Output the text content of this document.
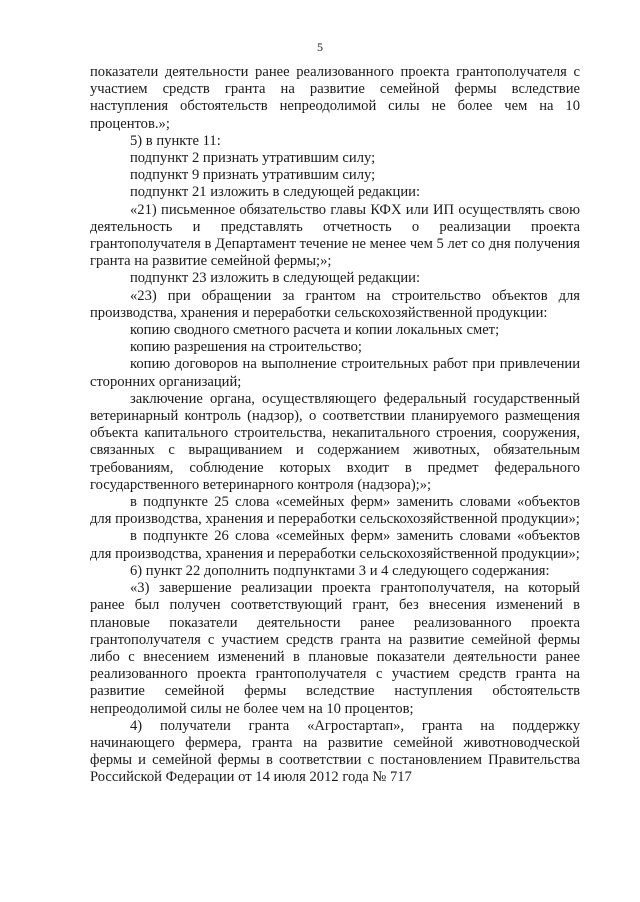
5

показатели деятельности ранее реализованного проекта грантополучателя с участием средств гранта на развитие семейной фермы вследствие наступления обстоятельств непреодолимой силы не более чем на 10 процентов.»;

5) в пункте 11:

подпункт 2 признать утратившим силу;

подпункт 9 признать утратившим силу;

подпункт 21 изложить в следующей редакции:

«21) письменное обязательство главы КФХ или ИП осуществлять свою деятельность и представлять отчетность о реализации проекта грантополучателя в Департамент течение не менее чем 5 лет со дня получения гранта на развитие семейной фермы;»;

подпункт 23 изложить в следующей редакции:

«23) при обращении за грантом на строительство объектов для производства, хранения и переработки сельскохозяйственной продукции:

копию сводного сметного расчета и копии локальных смет;

копию разрешения на строительство;

копию договоров на выполнение строительных работ при привлечении сторонних организаций;

заключение органа, осуществляющего федеральный государственный ветеринарный контроль (надзор), о соответствии планируемого размещения объекта капитального строительства, некапитального строения, сооружения, связанных с выращиванием и содержанием животных, обязательным требованиям, соблюдение которых входит в предмет федерального государственного ветеринарного контроля (надзора);»;

в подпункте 25 слова «семейных ферм» заменить словами «объектов для производства, хранения и переработки сельскохозяйственной продукции»;

в подпункте 26 слова «семейных ферм» заменить словами «объектов для производства, хранения и переработки сельскохозяйственной продукции»;

6) пункт 22 дополнить подпунктами 3 и 4 следующего содержания:

«3) завершение реализации проекта грантополучателя, на который ранее был получен соответствующий грант, без внесения изменений в плановые показатели деятельности ранее реализованного проекта грантополучателя с участием средств гранта на развитие семейной фермы либо с внесением изменений в плановые показатели деятельности ранее реализованного проекта грантополучателя с участием средств гранта на развитие семейной фермы вследствие наступления обстоятельств непреодолимой силы не более чем на 10 процентов;

4) получатели гранта «Агростартап», гранта на поддержку начинающего фермера, гранта на развитие семейной животноводческой фермы и семейной фермы в соответствии с постановлением Правительства Российской Федерации от 14 июля 2012 года № 717
